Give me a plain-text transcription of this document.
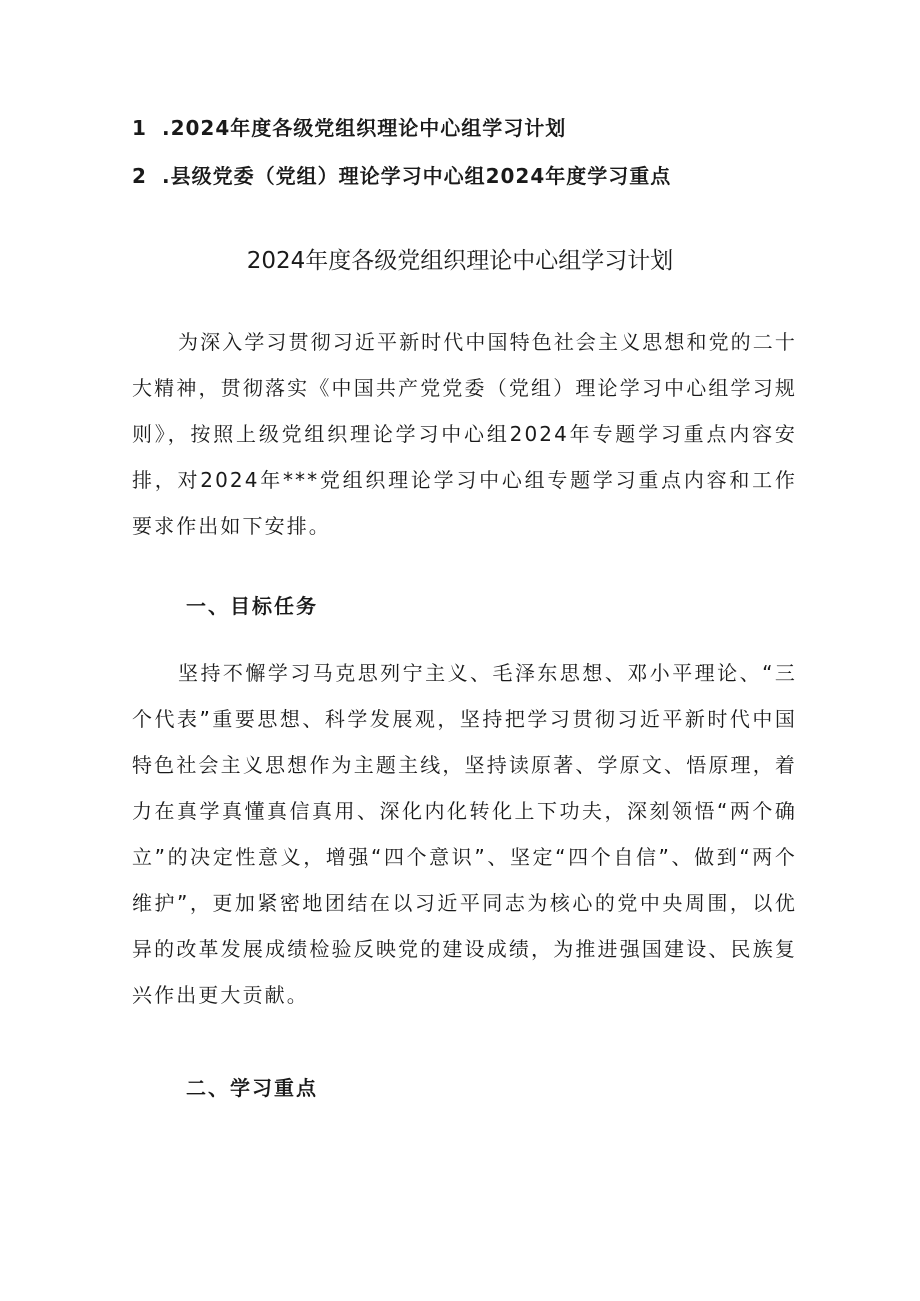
1 .2024年度各级党组织理论中心组学习计划
2 .县级党委（党组）理论学习中心组2024年度学习重点
2024年度各级党组织理论中心组学习计划
为深入学习贯彻习近平新时代中国特色社会主义思想和党的二十大精神，贯彻落实《中国共产党党委（党组）理论学习中心组学习规则》，按照上级党组织理论学习中心组2024年专题学习重点内容安排，对2024年***党组织理论学习中心组专题学习重点内容和工作要求作出如下安排。
一、目标任务
坚持不懈学习马克思列宁主义、毛泽东思想、邓小平理论、“三个代表”重要思想、科学发展观，坚持把学习贯彻习近平新时代中国特色社会主义思想作为主题主线，坚持读原著、学原文、悟原理，着力在真学真懂真信真用、深化内化转化上下功夫，深刻领悟“两个确立”的决定性意义，增强“四个意识”、坚定“四个自信”、做到“两个维护”，更加紧密地团结在以习近平同志为核心的党中央周围，以优异的改革发展成绩检验反映党的建设成绩，为推进强国建设、民族复兴作出更大贡献。
二、学习重点
